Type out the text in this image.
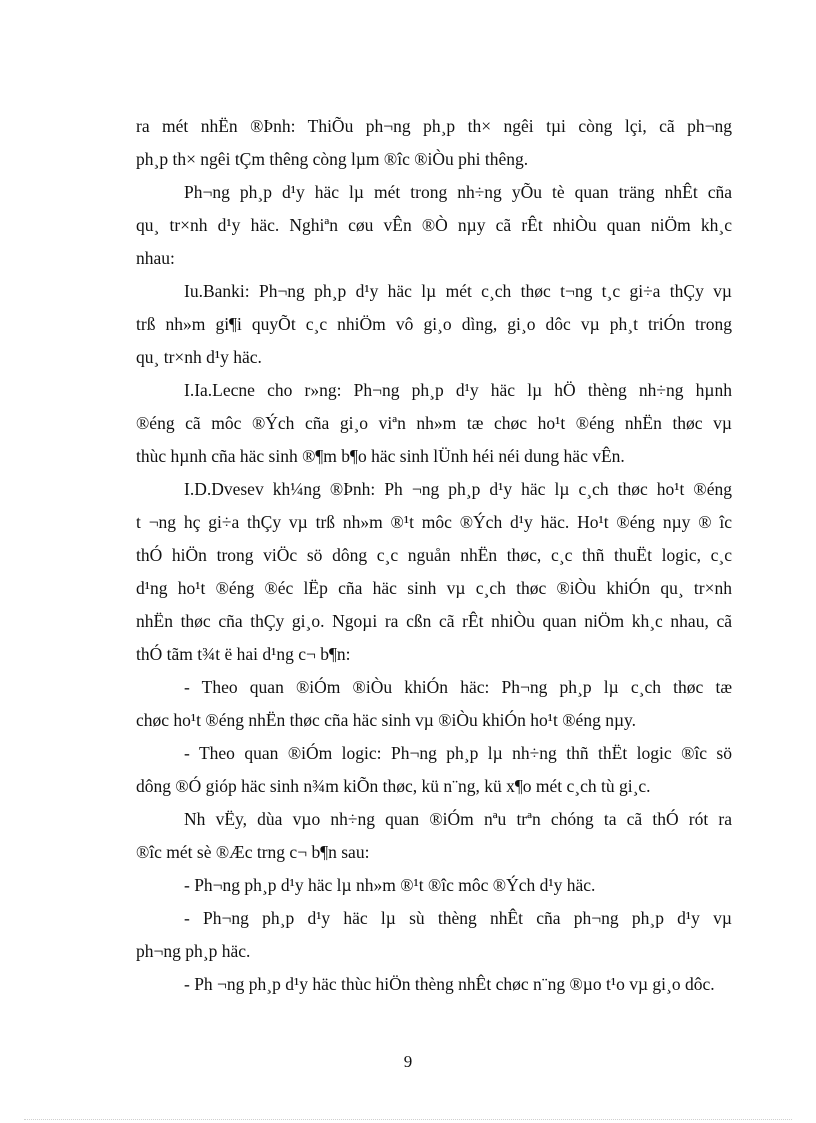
ra mét nhËn ®Þnh: ThiÕu ph¬ng ph¸p th× ngêi tµi còng lçi, cã ph¬ng
ph¸p th× ngêi tÇm thêng còng lµm ®îc ®iÒu phi thêng.
Ph¬ng ph¸p d¹y häc lµ mét trong nh÷ng yÕu tè quan träng nhÊt cña
qu¸ tr×nh d¹y häc. Nghiªn cøu vÊn ®Ò nµy cã rÊt nhiÒu quan niÖm kh¸c
nhau:
Iu.Banki: Ph¬ng ph¸p d¹y häc lµ mét c¸ch thøc t¬ng t¸c gi÷a thÇy vµ
trß nh»m gi¶i quyÕt c¸c nhiÖm vô gi¸o dìng, gi¸o dôc vµ ph¸t triÓn trong
qu¸ tr×nh d¹y häc.
I.Ia.Lecne cho r»ng: Ph¬ng ph¸p d¹y häc lµ hÖ thèng nh÷ng hµnh
®éng cã môc ®Ých cña gi¸o viªn nh»m tæ chøc ho¹t ®éng nhËn thøc vµ
thùc hµnh cña häc sinh ®¶m b¶o häc sinh lÜnh héi néi dung häc vÊn.
I.D.Dvesev kh¼ng ®Þnh: Ph ¬ng ph¸p d¹y häc lµ c¸ch thøc ho¹t ®éng
t ¬ng hç gi÷a thÇy vµ trß nh»m ®¹t môc ®Ých d¹y häc. Ho¹t ®éng nµy ® îc
thÓ hiÖn trong viÖc sö dông c¸c nguån nhËn thøc, c¸c thñ thuËt logic, c¸c
d¹ng ho¹t ®éng ®éc lËp cña häc sinh vµ c¸ch thøc ®iÒu khiÓn qu¸ tr×nh
nhËn thøc cña thÇy gi¸o. Ngoµi ra cßn cã rÊt nhiÒu quan niÖm kh¸c nhau, cã
thÓ tãm t¾t ë hai d¹ng c¬ b¶n:
- Theo quan ®iÓm ®iÒu khiÓn häc: Ph¬ng ph¸p lµ c¸ch thøc tæ
chøc ho¹t ®éng nhËn thøc cña häc sinh vµ ®iÒu khiÓn ho¹t ®éng nµy.
- Theo quan ®iÓm logic: Ph¬ng ph¸p lµ nh÷ng thñ thËt logic ®îc sö
dông ®Ó gióp häc sinh n¾m kiÕn thøc, kü n¨ng, kü x¶o mét c¸ch tù gi¸c.
Nh vËy, dùa vµo nh÷ng quan ®iÓm nªu trªn chóng ta cã thÓ rót ra
®îc mét sè ®Æc trng c¬ b¶n sau:
- Ph¬ng ph¸p d¹y häc lµ nh»m ®¹t ®îc môc ®Ých d¹y häc.
- Ph¬ng ph¸p d¹y häc lµ sù thèng nhÊt cña ph¬ng ph¸p d¹y vµ
ph¬ng ph¸p häc.
- Ph ¬ng ph¸p d¹y häc thùc hiÖn thèng nhÊt chøc n¨ng ®µo t¹o vµ gi¸o dôc.
9
